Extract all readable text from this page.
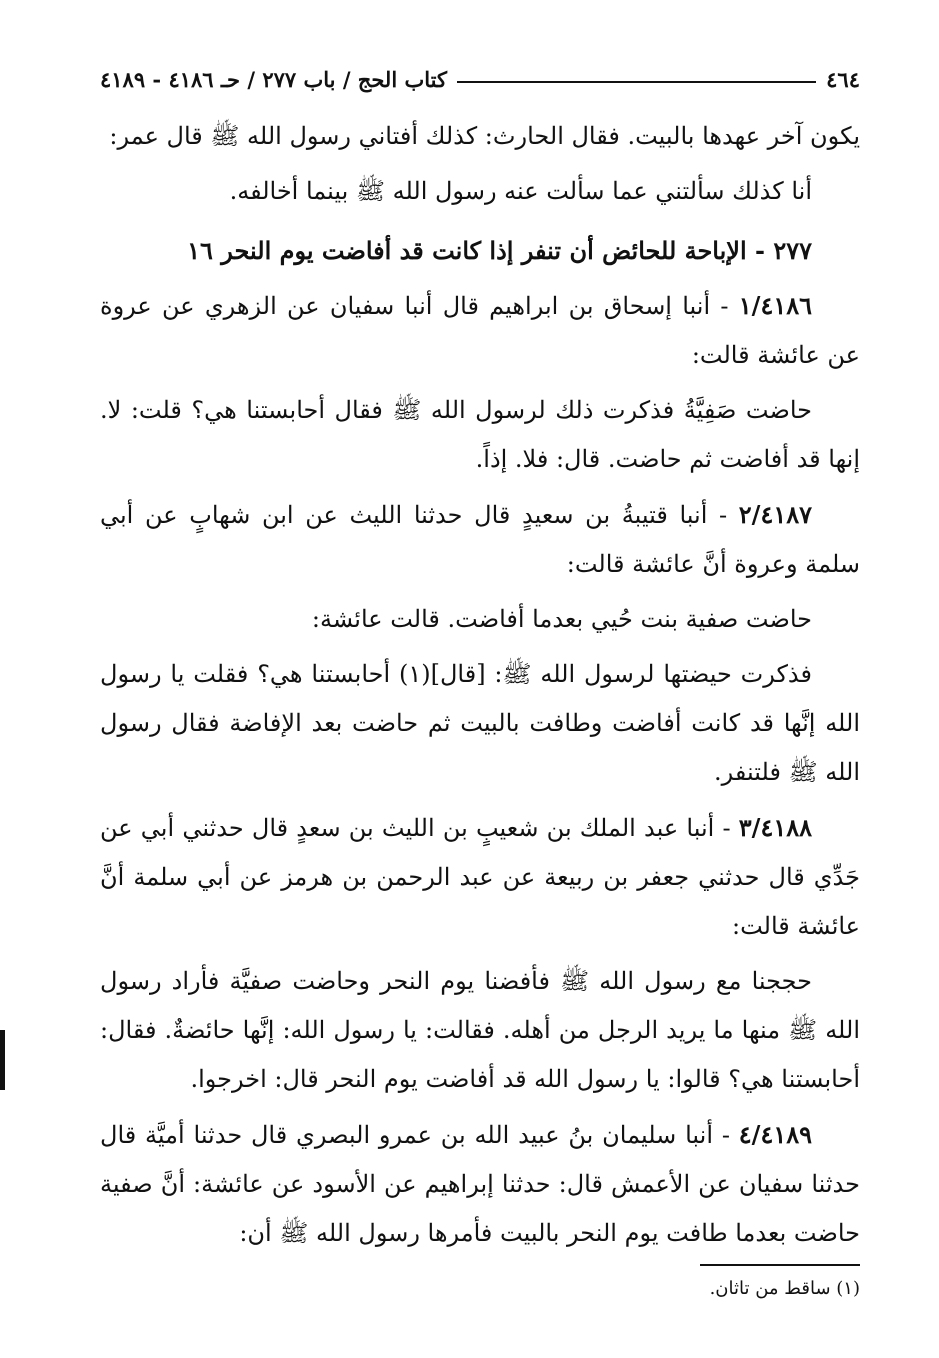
٤٦٤
كتاب الحج / باب ٢٧٧ / حـ ٤١٨٦ - ٤١٨٩

يكون آخر عهدها بالبيت. فقال الحارث: كذلك أفتاني رسول الله ﷺ قال عمر:

أنا كذلك سألتني عما سألت عنه رسول الله ﷺ بينما أخالفه.

٢٧٧ - الإباحة للحائض أن تنفر إذا كانت قد أفاضت يوم النحر ١٦

١/٤١٨٦ - أنبا إسحاق بن ابراهيم قال أنبا سفيان عن الزهري عن عروة عن عائشة قالت:

حاضت صَفِيَّةُ فذكرت ذلك لرسول الله ﷺ فقال أحابستنا هي؟ قلت: لا. إنها قد أفاضت ثم حاضت. قال: فلا. إذاً.

٢/٤١٨٧ - أنبا قتيبةُ بن سعيدٍ قال حدثنا الليث عن ابن شهابٍ عن أبي سلمة وعروة أنَّ عائشة قالت:

حاضت صفية بنت حُيي بعدما أفاضت. قالت عائشة:

فذكرت حيضتها لرسول الله ﷺ: [قال](١) أحابستنا هي؟ فقلت يا رسول الله إنَّها قد كانت أفاضت وطافت بالبيت ثم حاضت بعد الإفاضة فقال رسول الله ﷺ فلتنفر.

٣/٤١٨٨ - أنبا عبد الملك بن شعيبٍ بن الليث بن سعدٍ قال حدثني أبي عن جَدِّي قال حدثني جعفر بن ربيعة عن عبد الرحمن بن هرمز عن أبي سلمة أنَّ عائشة قالت:

حججنا مع رسول الله ﷺ فأفضنا يوم النحر وحاضت صفيَّة فأراد رسول الله ﷺ منها ما يريد الرجل من أهله. فقالت: يا رسول الله: إنَّها حائضةٌ. فقال: أحابستنا هي؟ قالوا: يا رسول الله قد أفاضت يوم النحر قال: اخرجوا.

٤/٤١٨٩ - أنبا سليمان بنُ عبيد الله بن عمرو البصري قال حدثنا أميَّة قال حدثنا سفيان عن الأعمش قال: حدثنا إبراهيم عن الأسود عن عائشة: أنَّ صفية حاضت بعدما طافت يوم النحر بالبيت فأمرها رسول الله ﷺ أن:

(١) ساقط من تاثان.
